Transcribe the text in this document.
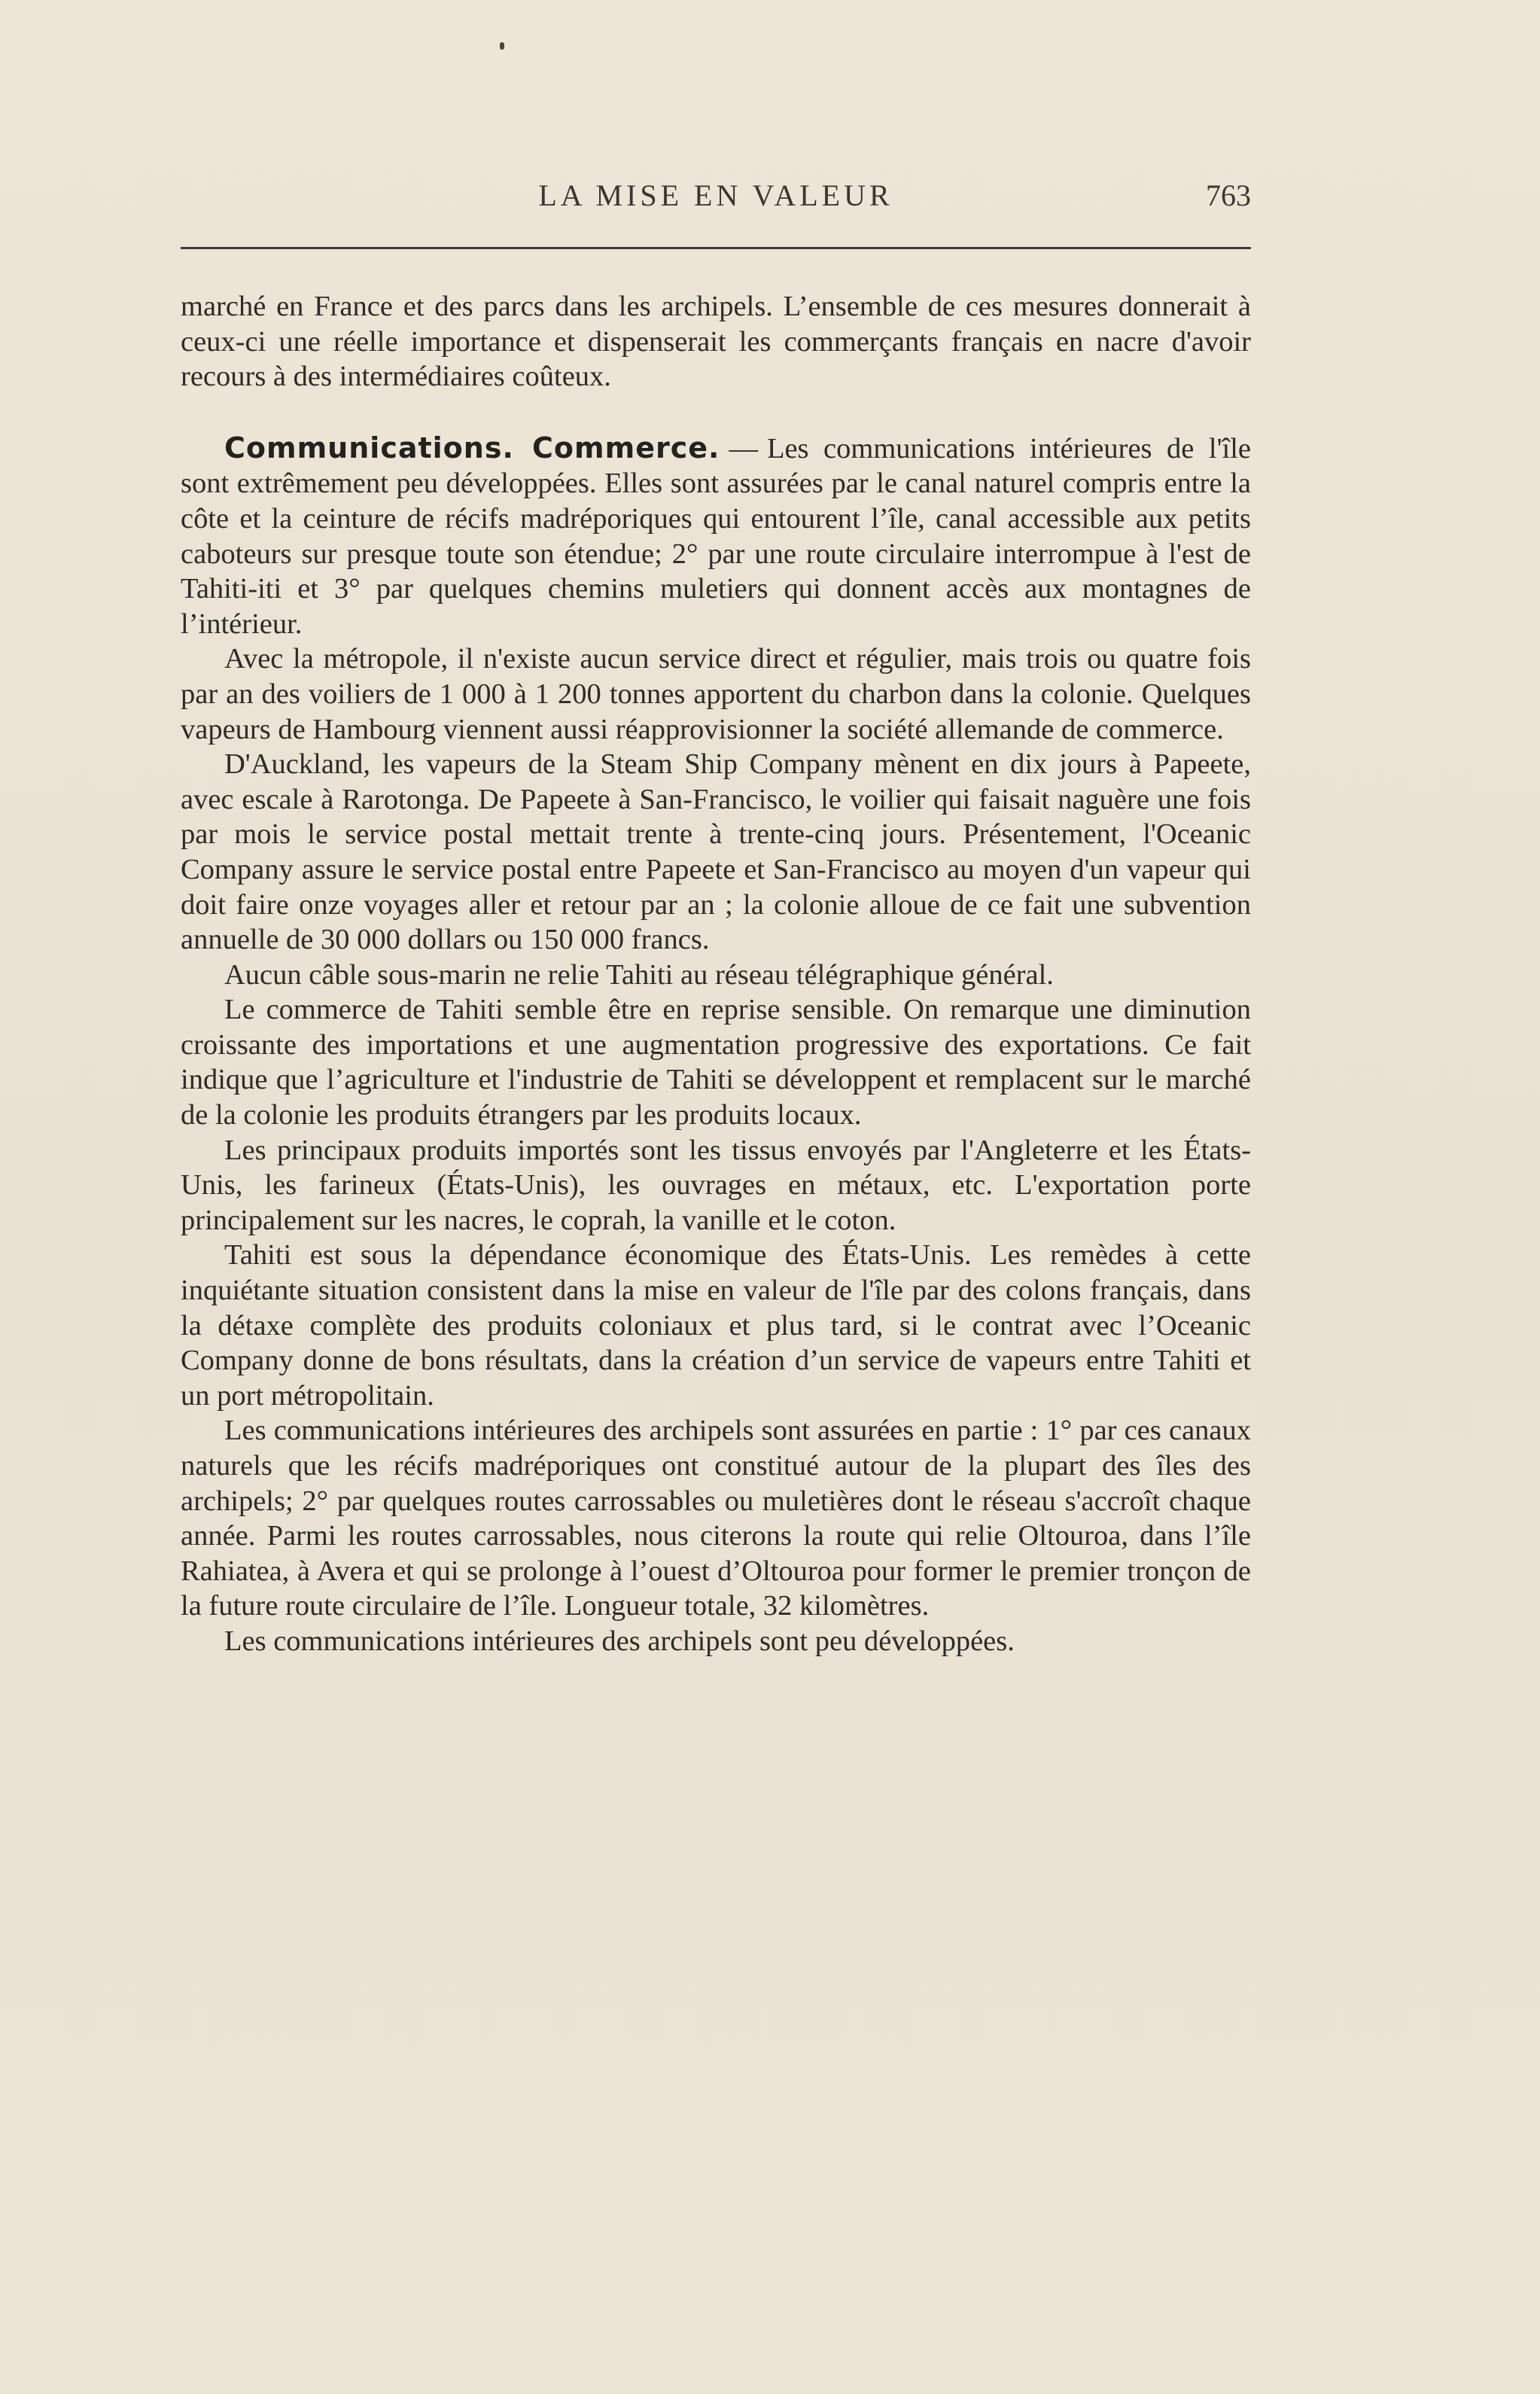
LA MISE EN VALEUR	763

marché en France et des parcs dans les archipels. L’ensemble de ces mesures donnerait à ceux-ci une réelle importance et dispenserait les commerçants français en nacre d'avoir recours à des intermédiaires coûteux.

Communications. Commerce. — Les communications intérieures de l'île sont extrêmement peu développées. Elles sont assurées par le canal naturel compris entre la côte et la ceinture de récifs madréporiques qui entourent l’île, canal accessible aux petits caboteurs sur presque toute son étendue; 2° par une route circulaire interrompue à l'est de Tahiti-iti et 3° par quelques chemins muletiers qui donnent accès aux montagnes de l’intérieur.

Avec la métropole, il n'existe aucun service direct et régulier, mais trois ou quatre fois par an des voiliers de 1 000 à 1 200 tonnes apportent du charbon dans la colonie. Quelques vapeurs de Hambourg viennent aussi réapprovisionner la société allemande de commerce.

D'Auckland, les vapeurs de la Steam Ship Company mènent en dix jours à Papeete, avec escale à Rarotonga. De Papeete à San-Francisco, le voilier qui faisait naguère une fois par mois le service postal mettait trente à trente-cinq jours. Présentement, l'Oceanic Company assure le service postal entre Papeete et San-Francisco au moyen d'un vapeur qui doit faire onze voyages aller et retour par an ; la colonie alloue de ce fait une subvention annuelle de 30 000 dollars ou 150 000 francs.

Aucun câble sous-marin ne relie Tahiti au réseau télégraphique général.

Le commerce de Tahiti semble être en reprise sensible. On remarque une diminution croissante des importations et une augmentation progressive des exportations. Ce fait indique que l’agriculture et l'industrie de Tahiti se développent et remplacent sur le marché de la colonie les produits étrangers par les produits locaux.

Les principaux produits importés sont les tissus envoyés par l'Angleterre et les États-Unis, les farineux (États-Unis), les ouvrages en métaux, etc. L'exportation porte principalement sur les nacres, le coprah, la vanille et le coton.

Tahiti est sous la dépendance économique des États-Unis. Les remèdes à cette inquiétante situation consistent dans la mise en valeur de l'île par des colons français, dans la détaxe complète des produits coloniaux et plus tard, si le contrat avec l’Oceanic Company donne de bons résultats, dans la création d’un service de vapeurs entre Tahiti et un port métropolitain.

Les communications intérieures des archipels sont assurées en partie : 1° par ces canaux naturels que les récifs madréporiques ont constitué autour de la plupart des îles des archipels; 2° par quelques routes carrossables ou muletières dont le réseau s'accroît chaque année. Parmi les routes carrossables, nous citerons la route qui relie Oltouroa, dans l’île Rahiatea, à Avera et qui se prolonge à l’ouest d’Oltouroa pour former le premier tronçon de la future route circulaire de l’île. Longueur totale, 32 kilomètres.

Les communications intérieures des archipels sont peu développées.
